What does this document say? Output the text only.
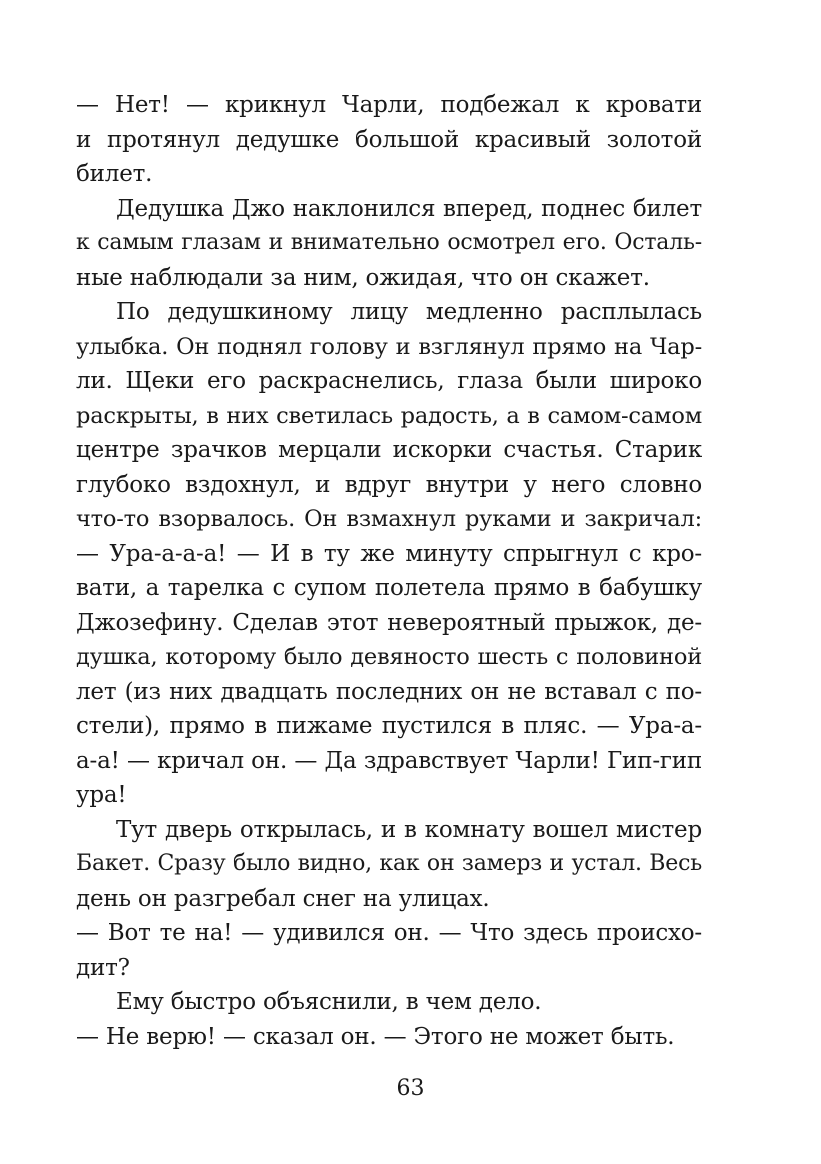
— Нет! — крикнул Чарли, подбежал к кровати
и протянул дедушке большой красивый золотой
билет.
Дедушка Джо наклонился вперед, поднес билет
к самым глазам и внимательно осмотрел его. Осталь-
ные наблюдали за ним, ожидая, что он скажет.
По дедушкиному лицу медленно расплылась
улыбка. Он поднял голову и взглянул прямо на Чар-
ли. Щеки его раскраснелись, глаза были широко
раскрыты, в них светилась радость, а в самом-самом
центре зрачков мерцали искорки счастья. Старик
глубоко вздохнул, и вдруг внутри у него словно
что-то взорвалось. Он взмахнул руками и закричал:
— Ура-а-а-а! — И в ту же минуту спрыгнул с кро-
вати, а тарелка с супом полетела прямо в бабушку
Джозефину. Сделав этот невероятный прыжок, де-
душка, которому было девяносто шесть с половиной
лет (из них двадцать последних он не вставал с по-
стели), прямо в пижаме пустился в пляс. — Ура-а-
а-а! — кричал он. — Да здравствует Чарли! Гип-гип
ура!
Тут дверь открылась, и в комнату вошел мистер
Бакет. Сразу было видно, как он замерз и устал. Весь
день он разгребал снег на улицах.
— Вот те на! — удивился он. — Что здесь происхо-
дит?
Ему быстро объяснили, в чем дело.
— Не верю! — сказал он. — Этого не может быть.
63
